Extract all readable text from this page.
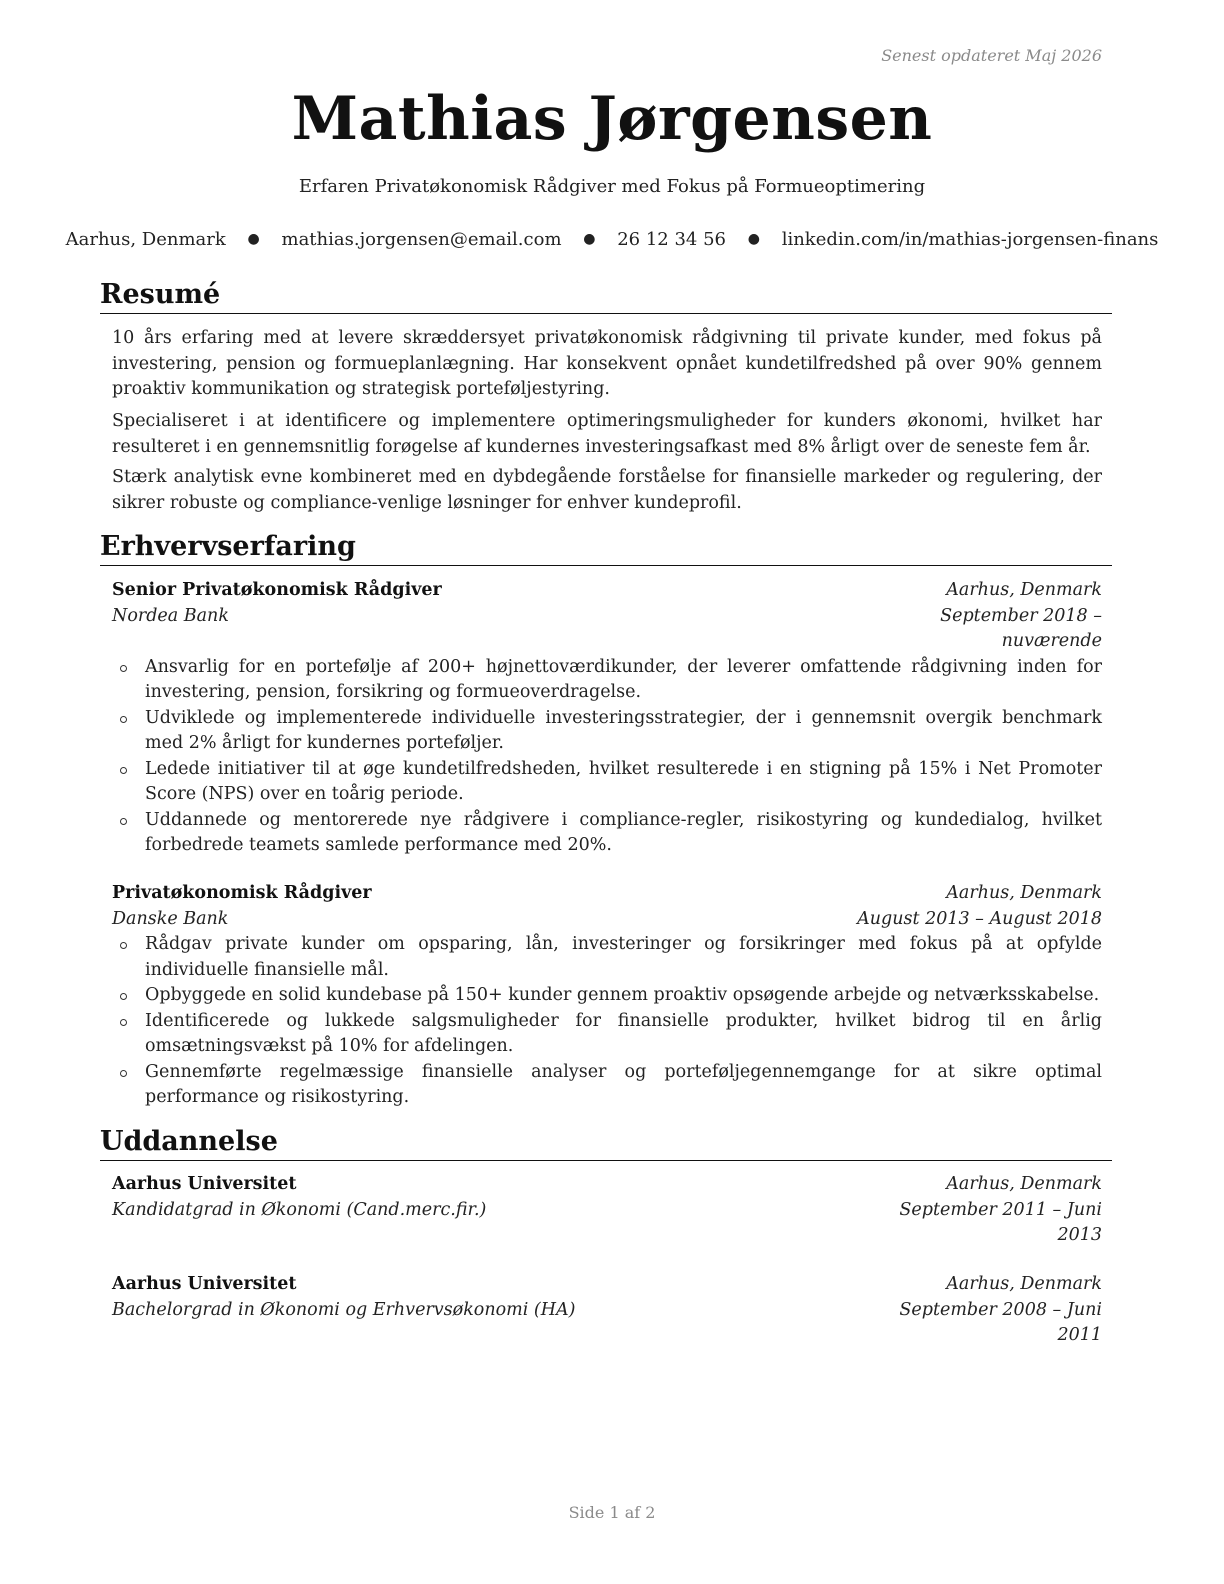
Senest opdateret Maj 2026
Mathias Jørgensen
Erfaren Privatøkonomisk Rådgiver med Fokus på Formueoptimering
Aarhus, Denmark ● mathias.jorgensen@email.com ● 26 12 34 56 ● linkedin.com/in/mathias-jorgensen-finans
Resumé
10 års erfaring med at levere skræddersyet privatøkonomisk rådgivning til private kunder, med fokus på investering, pension og formueplanlægning. Har konsekvent opnået kundetilfredshed på over 90% gennem proaktiv kommunikation og strategisk porteføljestyring.
Specialiseret i at identificere og implementere optimeringsmuligheder for kunders økonomi, hvilket har resulteret i en gennemsnitlig forøgelse af kundernes investeringsafkast med 8% årligt over de seneste fem år.
Stærk analytisk evne kombineret med en dybdegående forståelse for finansielle markeder og regulering, der sikrer robuste og compliance-venlige løsninger for enhver kundeprofil.
Erhvervserfaring
Senior Privatøkonomisk Rådgiver	Aarhus, Denmark
Nordea Bank	September 2018 – nuværende
Ansvarlig for en portefølje af 200+ højnettoværdikunder, der leverer omfattende rådgivning inden for investering, pension, forsikring og formueoverdragelse.
Udviklede og implementerede individuelle investeringsstrategier, der i gennemsnit overgik benchmark med 2% årligt for kundernes porteføljer.
Ledede initiativer til at øge kundetilfredsheden, hvilket resulterede i en stigning på 15% i Net Promoter Score (NPS) over en toårig periode.
Uddannede og mentorerede nye rådgivere i compliance-regler, risikostyring og kundedialog, hvilket forbedrede teamets samlede performance med 20%.
Privatøkonomisk Rådgiver	Aarhus, Denmark
Danske Bank	August 2013 – August 2018
Rådgav private kunder om opsparing, lån, investeringer og forsikringer med fokus på at opfylde individuelle finansielle mål.
Opbyggede en solid kundebase på 150+ kunder gennem proaktiv opsøgende arbejde og netværksskabelse.
Identificerede og lukkede salgsmuligheder for finansielle produkter, hvilket bidrog til en årlig omsætningsvækst på 10% for afdelingen.
Gennemførte regelmæssige finansielle analyser og porteføljegennemgange for at sikre optimal performance og risikostyring.
Uddannelse
Aarhus Universitet	Aarhus, Denmark
Kandidatgrad in Økonomi (Cand.merc.fir.)	September 2011 – Juni 2013
Aarhus Universitet	Aarhus, Denmark
Bachelorgrad in Økonomi og Erhvervsøkonomi (HA)	September 2008 – Juni 2011
Side 1 af 2
